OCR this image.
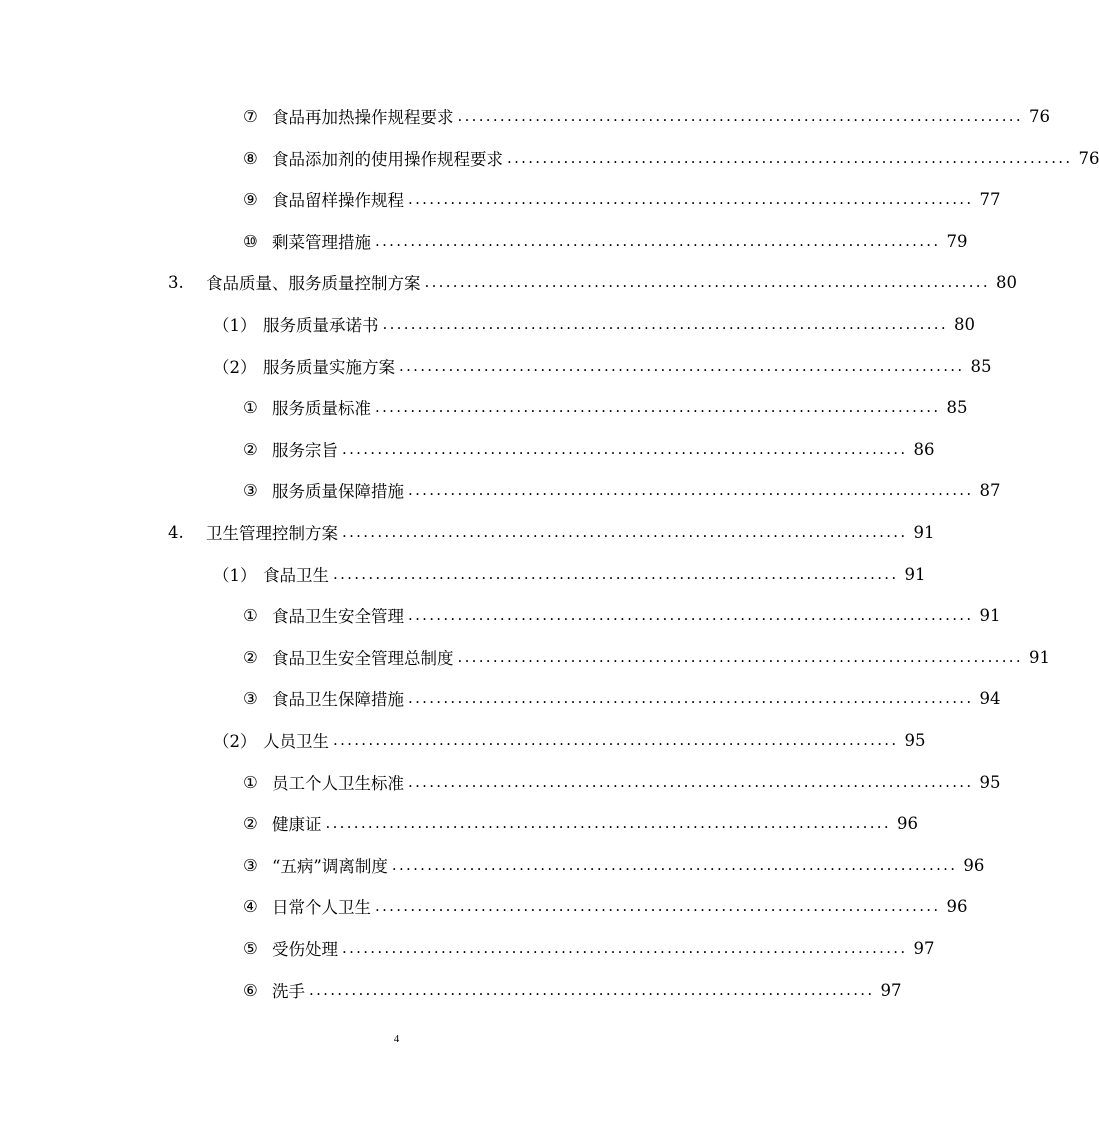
⑦ 食品再加热操作规程要求 ................................................................................ 76
⑧ 食品添加剂的使用操作规程要求 ................................................................................ 76
⑨ 食品留样操作规程 ................................................................................ 77
⑩ 剩菜管理措施 ................................................................................ 79
3.	食品质量、服务质量控制方案 ................................................................................ 80
（1） 服务质量承诺书 ................................................................................ 80
（2） 服务质量实施方案 ................................................................................ 85
① 服务质量标准 ................................................................................ 85
② 服务宗旨 ................................................................................ 86
③ 服务质量保障措施 ................................................................................ 87
4.	卫生管理控制方案 ................................................................................ 91
（1） 食品卫生 ................................................................................ 91
① 食品卫生安全管理 ................................................................................ 91
② 食品卫生安全管理总制度 ................................................................................ 91
③ 食品卫生保障措施 ................................................................................ 94
（2） 人员卫生 ................................................................................ 95
① 员工个人卫生标准 ................................................................................ 95
② 健康证 ................................................................................ 96
③ “五病”调离制度 ................................................................................ 96
④ 日常个人卫生 ................................................................................ 96
⑤ 受伤处理 ................................................................................ 97
⑥ 洗手 ................................................................................ 97
4
